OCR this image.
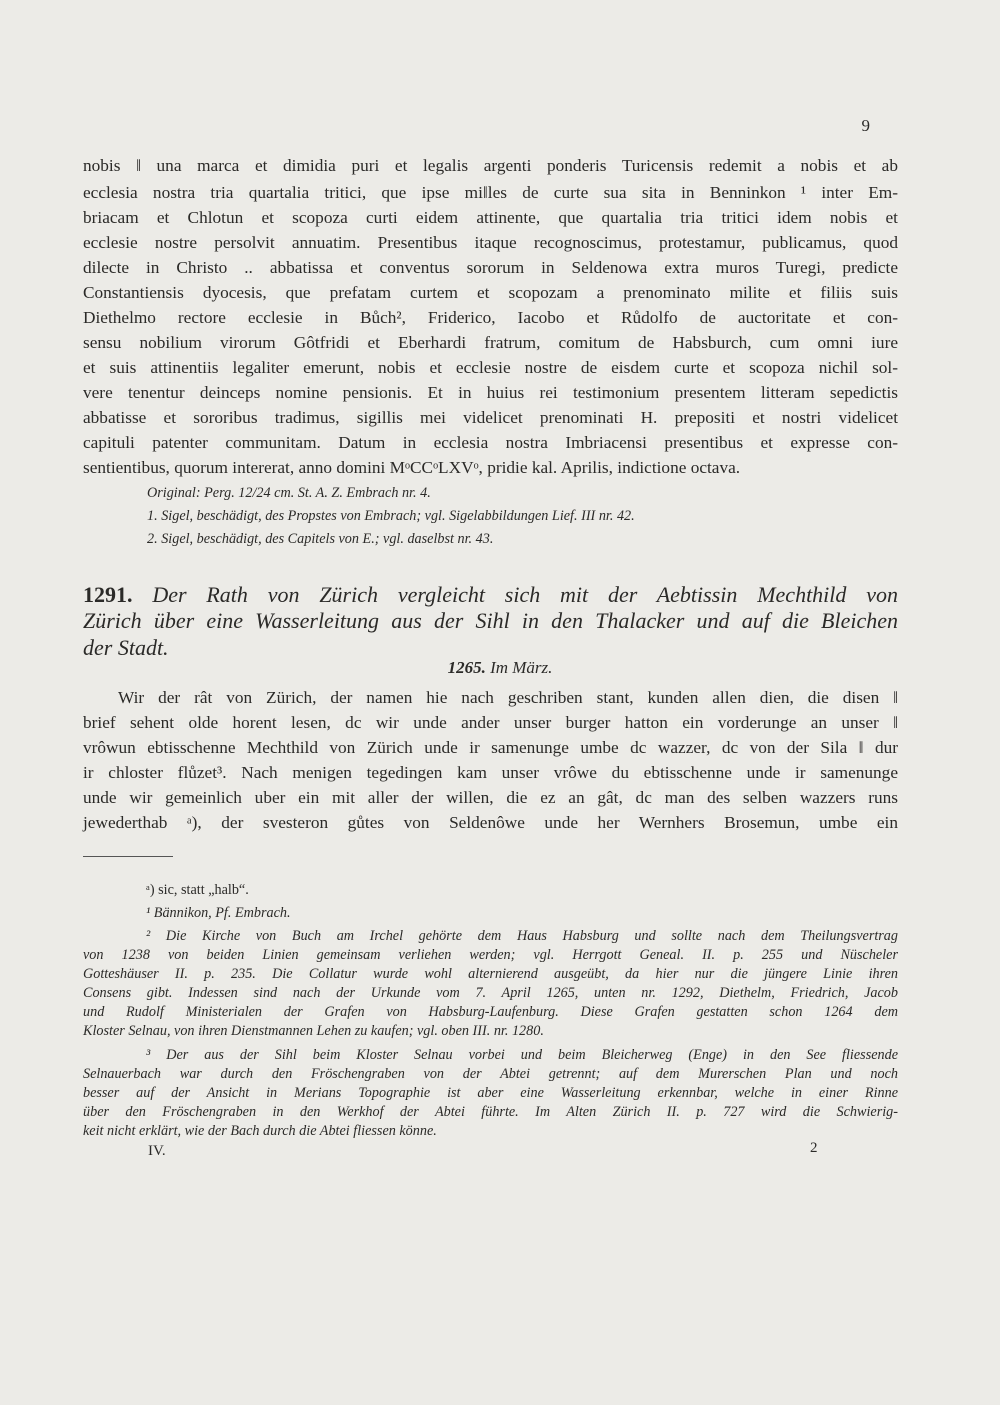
9
nobis ‖ una marca et dimidia puri et legalis argenti ponderis Turicensis redemit a nobis et ab
ecclesia nostra tria quartalia tritici, que ipse mi‖les de curte sua sita in Benninkon ¹ inter Em-
briacam et Chlotun et scopoza curti eidem attinente, que quartalia tria tritici idem nobis et
ecclesie nostre persolvit annuatim. Presentibus itaque recognoscimus, protestamur, publicamus, quod
dilecte in Christo .. abbatissa et conventus sororum in Seldenowa extra muros Turegi, predicte
Constantiensis dyocesis, que prefatam curtem et scopozam a prenominato milite et filiis suis
Diethelmo rectore ecclesie in Bůch², Friderico, Iacobo et Růdolfo de auctoritate et con-
sensu nobilium virorum Gôtfridi et Eberhardi fratrum, comitum de Habsburch, cum omni iure
et suis attinentiis legaliter emerunt, nobis et ecclesie nostre de eisdem curte et scopoza nichil sol-
vere tenentur deinceps nomine pensionis. Et in huius rei testimonium presentem litteram sepedictis
abbatisse et sororibus tradimus, sigillis mei videlicet prenominati H. prepositi et nostri videlicet
capituli patenter communitam. Datum in ecclesia nostra Imbriacensi presentibus et expresse con-
sentientibus, quorum intererat, anno domini MᵒCCᵒLXVᵒ, pridie kal. Aprilis, indictione octava.
Original: Perg. 12/24 cm. St. A. Z. Embrach nr. 4.
1. Sigel, beschädigt, des Propstes von Embrach; vgl. Sigelabbildungen Lief. III nr. 42.
2. Sigel, beschädigt, des Capitels von E.; vgl. daselbst nr. 43.
1291. Der Rath von Zürich vergleicht sich mit der Aebtissin Mechthild von
Zürich über eine Wasserleitung aus der Sihl in den Thalacker und auf die Bleichen
der Stadt.
1265. Im März.
Wir der rât von Zürich, der namen hie nach geschriben stant, kunden allen dien, die disen ‖
brief sehent olde horent lesen, dc wir unde ander unser burger hatton ein vorderunge an unser ‖
vrôwun ebtisschenne Mechthild von Zürich unde ir samenunge umbe dc wazzer, dc von der Sila ‖ dur
ir chloster flůzet³. Nach menigen tegedingen kam unser vrôwe du ebtisschenne unde ir samenunge
unde wir gemeinlich uber ein mit aller der willen, die ez an gât, dc man des selben wazzers runs
jewederthab ᵃ), der svesteron gůtes von Seldenôwe unde her Wernhers Brosemun, umbe ein
ᵃ) sic, statt „halb“.
¹ Bännikon, Pf. Embrach.
² Die Kirche von Buch am Irchel gehörte dem Haus Habsburg und sollte nach dem Theilungsvertrag
von 1238 von beiden Linien gemeinsam verliehen werden; vgl. Herrgott Geneal. II. p. 255 und Nüscheler
Gotteshäuser II. p. 235. Die Collatur wurde wohl alternierend ausgeübt, da hier nur die jüngere Linie ihren
Consens gibt. Indessen sind nach der Urkunde vom 7. April 1265, unten nr. 1292, Diethelm, Friedrich, Jacob
und Rudolf Ministerialen der Grafen von Habsburg-Laufenburg. Diese Grafen gestatten schon 1264 dem
Kloster Selnau, von ihren Dienstmannen Lehen zu kaufen; vgl. oben III. nr. 1280.
³ Der aus der Sihl beim Kloster Selnau vorbei und beim Bleicherweg (Enge) in den See fliessende
Selnauerbach war durch den Fröschengraben von der Abtei getrennt; auf dem Murerschen Plan und noch
besser auf der Ansicht in Merians Topographie ist aber eine Wasserleitung erkennbar, welche in einer Rinne
über den Fröschengraben in den Werkhof der Abtei führte. Im Alten Zürich II. p. 727 wird die Schwierig-
keit nicht erklärt, wie der Bach durch die Abtei fliessen könne.
IV.	2
